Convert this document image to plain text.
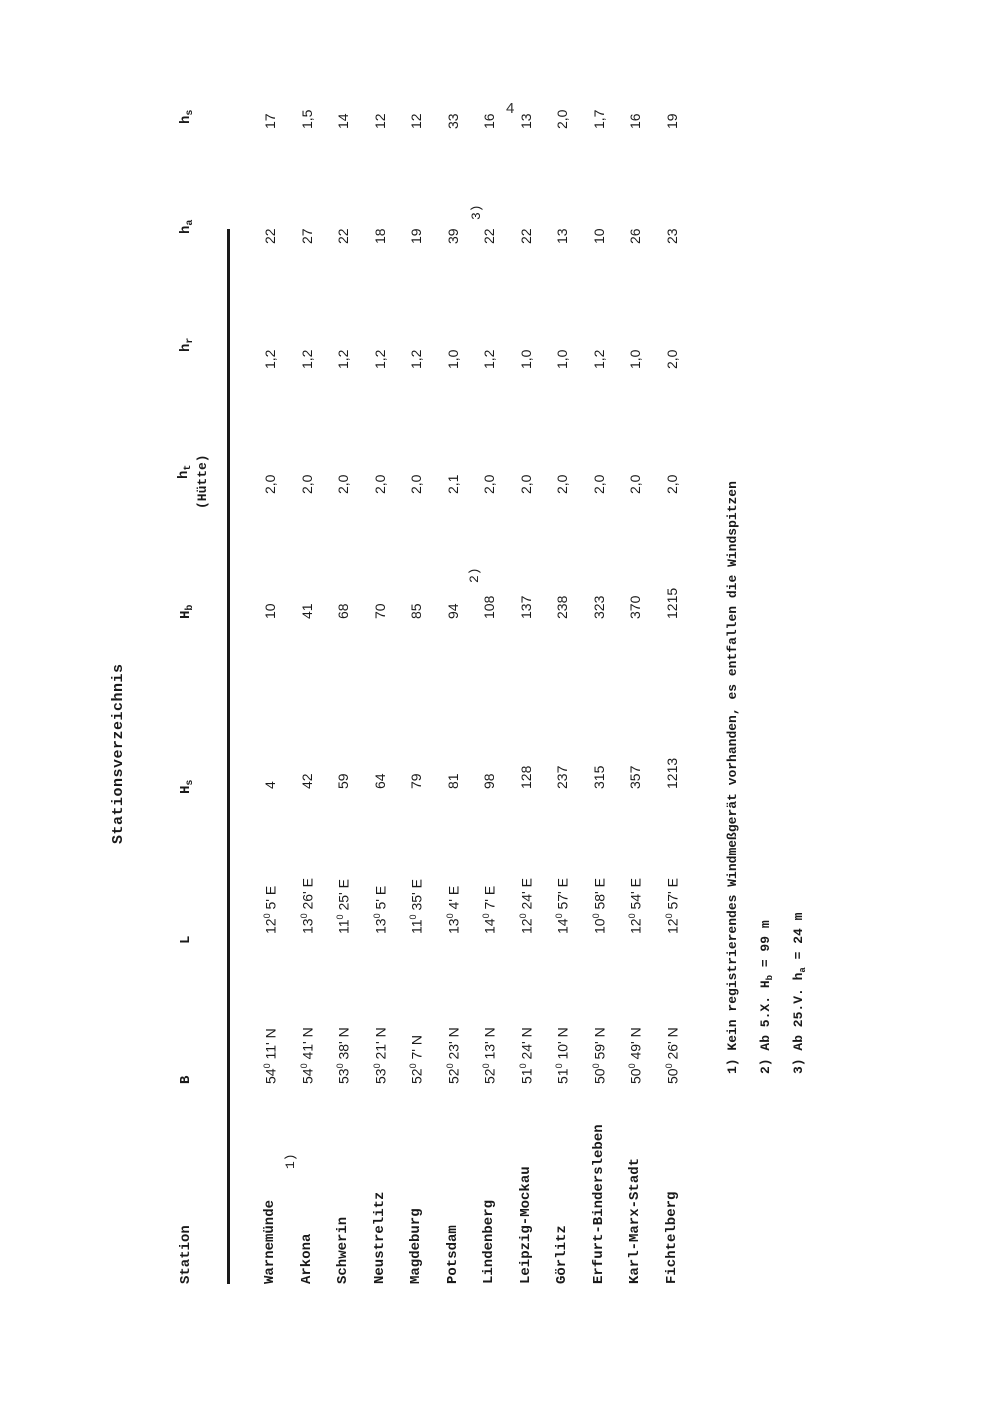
4
Stationsverzeichnis
Station
B
L
$H_s$
$H_b$
$h_t$ (Hütte)
$h_r$
$h_a$
$h_s$
Warnemünde
$54^0$ 11' N
$12^0$ 5' E
4
10
2,0
1,2
22
17
Arkona
1)
$54^0$ 41' N
$13^0$ 26' E
42
41
2,0
1,2
27
1,5
Schwerin
$53^0$ 38' N
$11^0$ 25' E
59
68
2,0
1,2
22
14
Neustrelitz
$53^0$ 21' N
$13^0$ 5' E
64
70
2,0
1,2
18
12
Magdeburg
$52^0$ 7' N
$11^0$ 35' E
79
85
2,0
1,2
19
12
Potsdam
$52^0$ 23' N
$13^0$ 4' E
81
94
2,1
1,0
39
33
Lindenberg
$52^0$ 13' N
$14^0$ 7' E
98
108
2)
2,0
1,2
22
3)
16
Leipzig-Mockau
$51^0$ 24' N
$12^0$ 24' E
128
137
2,0
1,0
22
13
Görlitz
$51^0$ 10' N
$14^0$ 57' E
237
238
2,0
1,0
13
2,0
Erfurt-Bindersleben
$50^0$ 59' N
$10^0$ 58' E
315
323
2,0
1,2
10
1,7
Karl-Marx-Stadt
$50^0$ 49' N
$12^0$ 54' E
357
370
2,0
1,0
26
16
Fichtelberg
$50^0$ 26' N
$12^0$ 57' E
1213
1215
2,0
2,0
23
19
1) Kein registrierendes Windmeßgerät vorhanden, es entfallen die Windspitzen
2) Ab 5.X. $H_b = 99$ m
3) Ab 25.V. $h_a = 24$ m
